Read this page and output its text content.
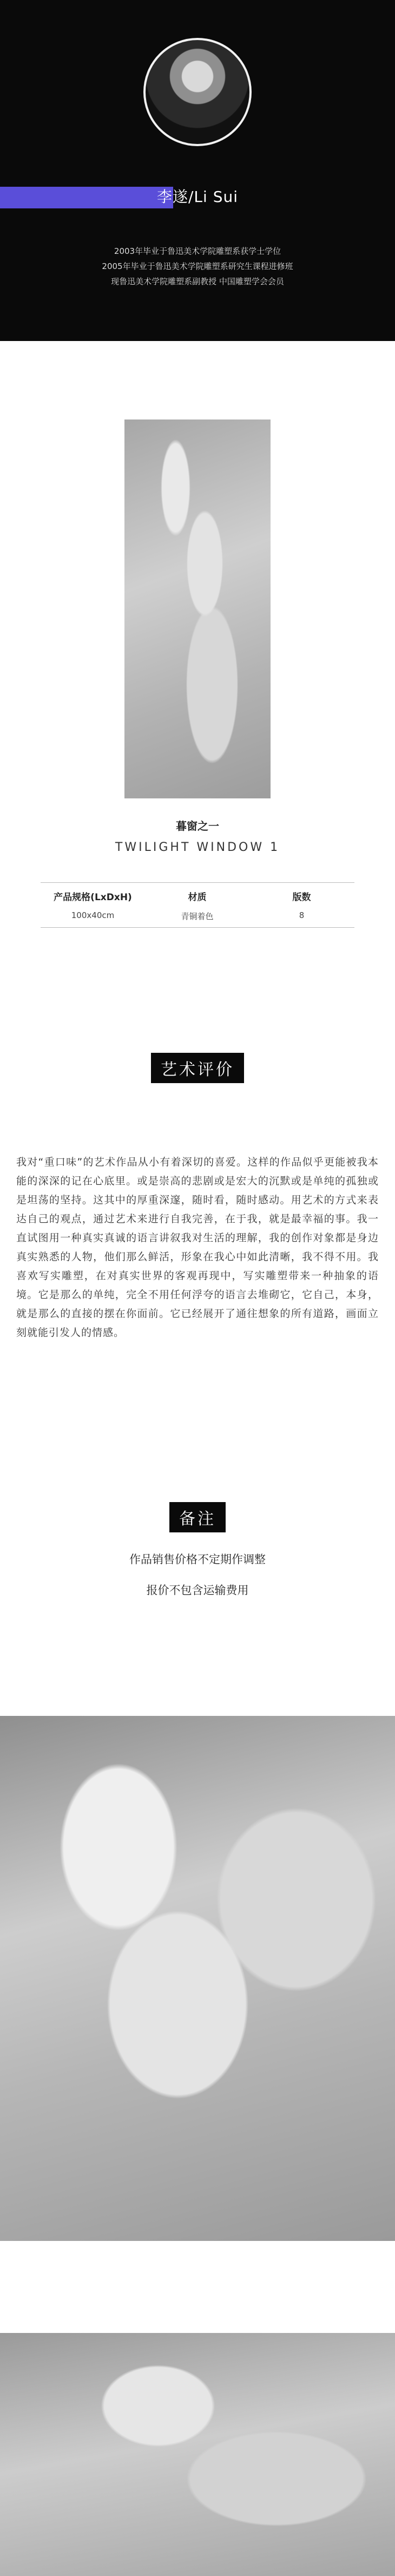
李遂/Li Sui
2003年毕业于鲁迅美术学院雕塑系获学士学位
2005年毕业于鲁迅美术学院雕塑系研究生课程进修班
现鲁迅美术学院雕塑系副教授 中国雕塑学会会员
暮窗之一
TWILIGHT WINDOW 1
产品规格(LxDxH)
100x40cm
材质
青铜着色
版数
8
艺术评价
我对“重口味”的艺术作品从小有着深切的喜爱。这样的作品似乎更能被我本能的深深的记在心底里。或是崇高的悲剧或是宏大的沉默或是单纯的孤独或是坦荡的坚持。这其中的厚重深邃，随时看，随时感动。用艺术的方式来表达自己的观点，通过艺术来进行自我完善，在于我，就是最幸福的事。我一直试图用一种真实真诚的语言讲叙我对生活的理解，我的创作对象都是身边真实熟悉的人物，他们那么鲜活，形象在我心中如此清晰，我不得不用。我喜欢写实雕塑，在对真实世界的客观再现中，写实雕塑带来一种抽象的语境。它是那么的单纯，完全不用任何浮夸的语言去堆砌它，它自己，本身，就是那么的直接的摆在你面前。它已经展开了通往想象的所有道路，画面立刻就能引发人的情感。
备注
作品销售价格不定期作调整
报价不包含运输费用
